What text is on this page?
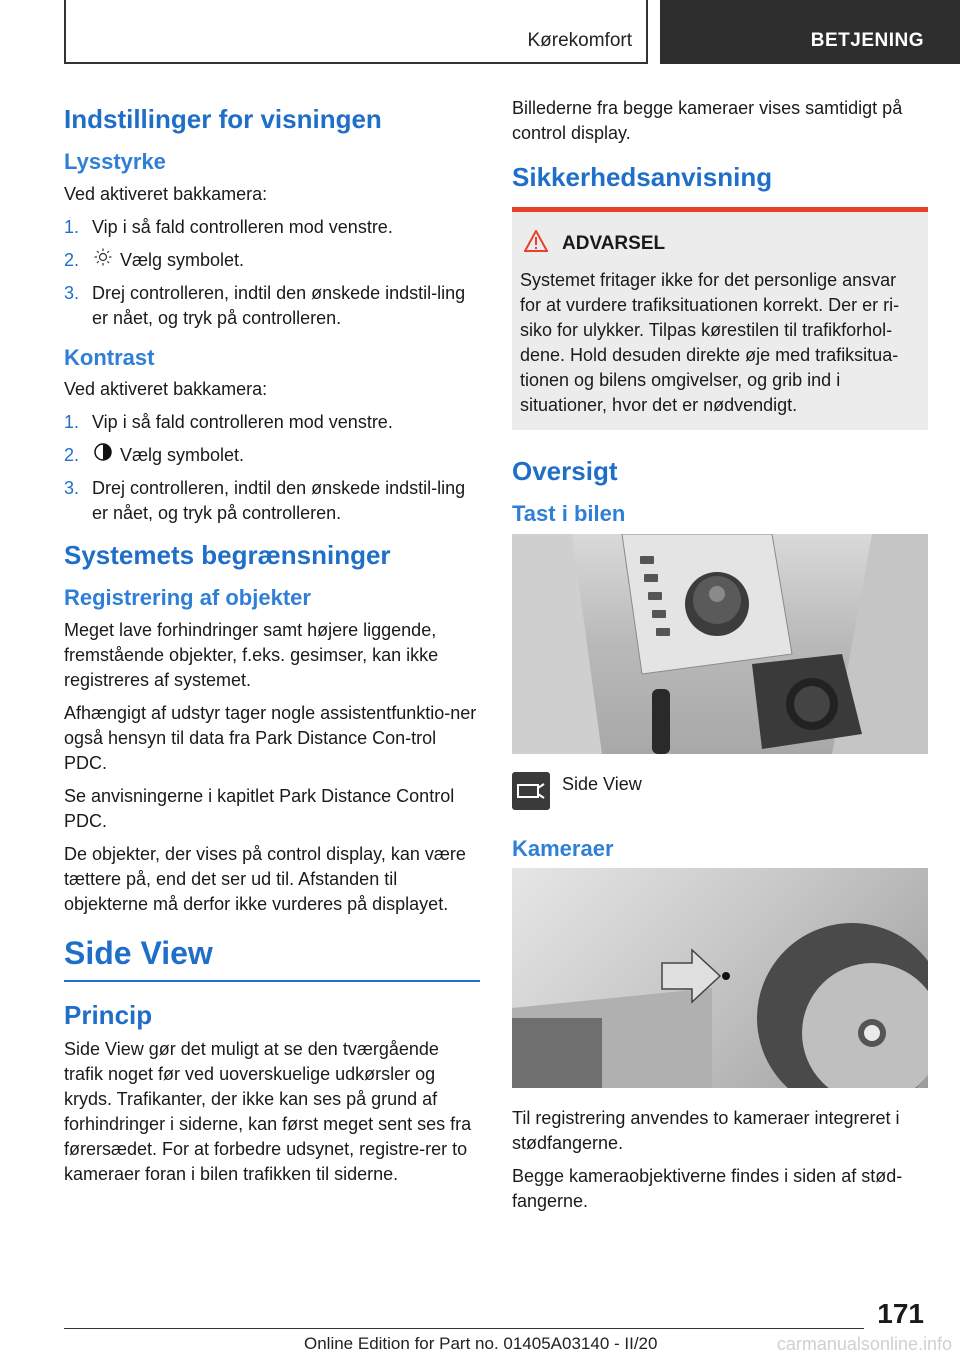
Kørekomfort	BETJENING
Indstillinger for visningen
Lysstyrke

Ved aktiveret bakkamera:

1. Vip i så fald controlleren mod venstre.
2. Vælg symbolet.
3. Drej controlleren, indtil den ønskede indstil-ling er nået, og tryk på controlleren.
Kontrast

Ved aktiveret bakkamera:

1. Vip i så fald controlleren mod venstre.
2. Vælg symbolet.
3. Drej controlleren, indtil den ønskede indstil-ling er nået, og tryk på controlleren.
Systemets begrænsninger
Registrering af objekter

Meget lave forhindringer samt højere liggende, fremstående objekter, f.eks. gesimser, kan ikke registreres af systemet.

Afhængigt af udstyr tager nogle assistentfunktio-ner også hensyn til data fra Park Distance Con-trol PDC.

Se anvisningerne i kapitlet Park Distance Control PDC.

De objekter, der vises på control display, kan være tættere på, end det ser ud til. Afstanden til objekterne må derfor ikke vurderes på displayet.

Side View
Princip

Side View gør det muligt at se den tværgående trafik noget før ved uoverskuelige udkørsler og kryds. Trafikanter, der ikke kan ses på grund af forhindringer i siderne, kan først meget sent ses fra førersædet. For at forbedre udsynet, registre-rer to kameraer foran i bilen trafikken til siderne.

Billederne fra begge kameraer vises samtidigt på control display.

Sikkerhedsanvisning
ADVARSEL

Systemet fritager ikke for det personlige ansvar for at vurdere trafiksituationen korrekt. Der er ri-siko for ulykker. Tilpas kørestilen til trafikforhol-dene. Hold desuden direkte øje med trafiksitua-tionen og bilens omgivelser, og grib ind i situationer, hvor det er nødvendigt.

Oversigt
Tast i bilen
Side View
Kameraer

Til registrering anvendes to kameraer integreret i stødfangerne.

Begge kameraobjektiverne findes i siden af stød-fangerne.

171
Online Edition for Part no. 01405A03140 - II/20	carmanualsonline.info
